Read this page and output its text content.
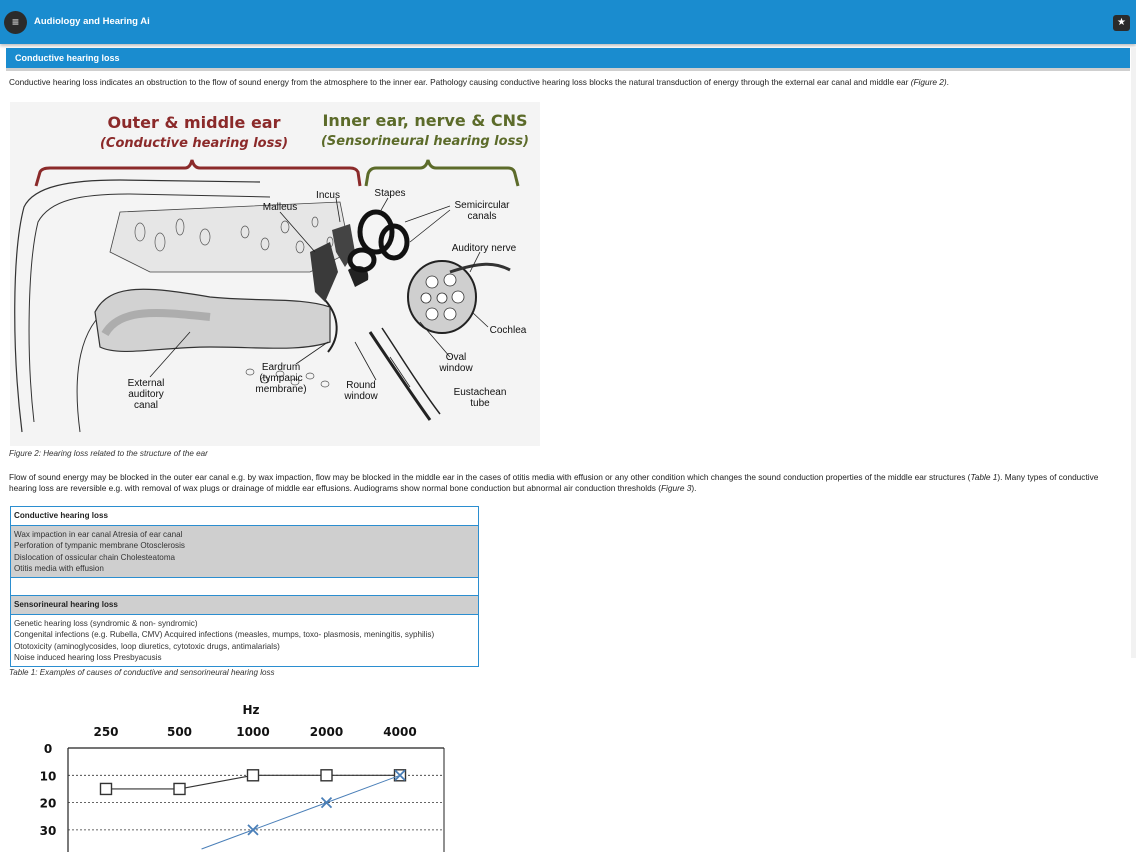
≡	Audiology and Hearing Ai	★
Conductive hearing loss

Conductive hearing loss indicates an obstruction to the flow of sound energy from the atmosphere to the inner ear. Pathology causing conductive hearing loss blocks the natural transduction of energy through the external ear canal and middle ear (Figure 2).

Outer & middle ear
(Conductive hearing loss)
Inner ear, nerve & CNS
(Sensorineural hearing loss)
Stapes
Incus
Malleus	Semicircular
canals
Auditory nerve
Cochlea
Oval
window
Eardrum
(tympanic
membrane)	Round
window
External
auditory
canal
Eustachean
tube
Figure 2: Hearing loss related to the structure of the ear

Flow of sound energy may be blocked in the outer ear canal e.g. by wax impaction, flow may be blocked in the middle ear in the cases of otitis media with effusion or any other condition which changes the sound conduction properties of the middle ear structures (Table 1). Many types of conductive hearing loss are reversible e.g. with removal of wax plugs or drainage of middle ear effusions. Audiograms show normal bone conduction but abnormal air conduction thresholds (Figure 3).

Conductive hearing loss
Wax impaction in ear canal Atresia of ear canal
Perforation of tympanic membrane Otosclerosis
Dislocation of ossicular chain Cholesteatoma
Otitis media with effusion
Sensorineural hearing loss
Genetic hearing loss (syndromic & non- syndromic)
Congenital infections (e.g. Rubella, CMV) Acquired infections (measles, mumps, toxo- plasmosis, meningitis, syphilis)
Ototoxicity (aminoglycosides, loop diuretics, cytotoxic drugs, antimalarials)
Noise induced hearing loss Presbyacusis
Table 1: Examples of causes of conductive and sensorineural hearing loss
Hz
250	500	1000	2000	4000
0
10
20
30
